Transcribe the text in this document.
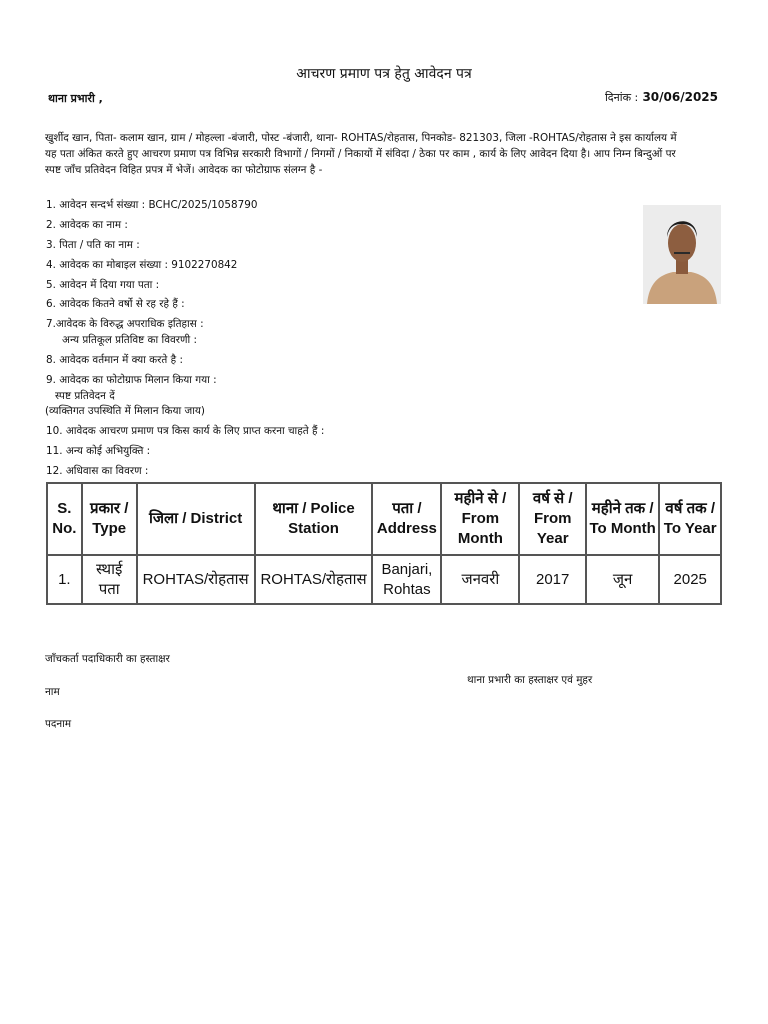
आचरण प्रमाण पत्र हेतु आवेदन पत्र
थाना प्रभारी ,	दिनांक : 30/06/2025
खुर्शीद खान, पिता- कलाम खान, ग्राम / मोहल्ला -बंजारी, पोस्ट -बंजारी, थाना- ROHTAS/रोहतास, पिनकोड- 821303, जिला -ROHTAS/रोहतास ने इस कार्यालय में
यह पता अंकित करते हुए आचरण प्रमाण पत्र विभिन्न सरकारी विभागों / निगमों / निकायों में संविदा / ठेका पर काम , कार्य के लिए आवेदन दिया है। आप निम्न बिन्दुओं पर
स्पष्ट जाँच प्रतिवेदन विहित प्रपत्र में भेजें। आवेदक का फोटोग्राफ संलग्न है -
1. आवेदन सन्दर्भ संख्या : BCHC/2025/1058790
2. आवेदक का नाम :
3. पिता / पति का नाम :
4. आवेदक का मोबाइल संख्या : 9102270842
5. आवेदन में दिया गया पता :
6. आवेदक कितने वर्षो से रह रहे हैं :
7.आवेदक के विरुद्ध अपराधिक इतिहास :
अन्य प्रतिकूल प्रतिविष्ट का विवरणी :
8. आवेदक वर्तमान में क्या करते है :
9. आवेदक का फोटोग्राफ मिलान किया गया :
स्पष्ट प्रतिवेदन दें
(व्यक्तिगत उपस्थिति में मिलान किया जाय)
10. आवेदक आचरण प्रमाण पत्र किस कार्य के लिए प्राप्त करना चाहते हैं :
11. अन्य कोई अभियुक्ति :
12. अधिवास का विवरण :
S. No.	प्रकार / Type	जिला / District	थाना / Police Station	पता / Address	महीने से / From Month	वर्ष से / From Year	महीने तक / To Month	वर्ष तक / To Year
1.	स्थाई पता	ROHTAS/रोहतास	ROHTAS/रोहतास	Banjari, Rohtas	जनवरी	2017	जून	2025
जाँचकर्ता पदाधिकारी का हस्ताक्षर
थाना प्रभारी का हस्ताक्षर एवं मुहर
नाम
पदनाम
